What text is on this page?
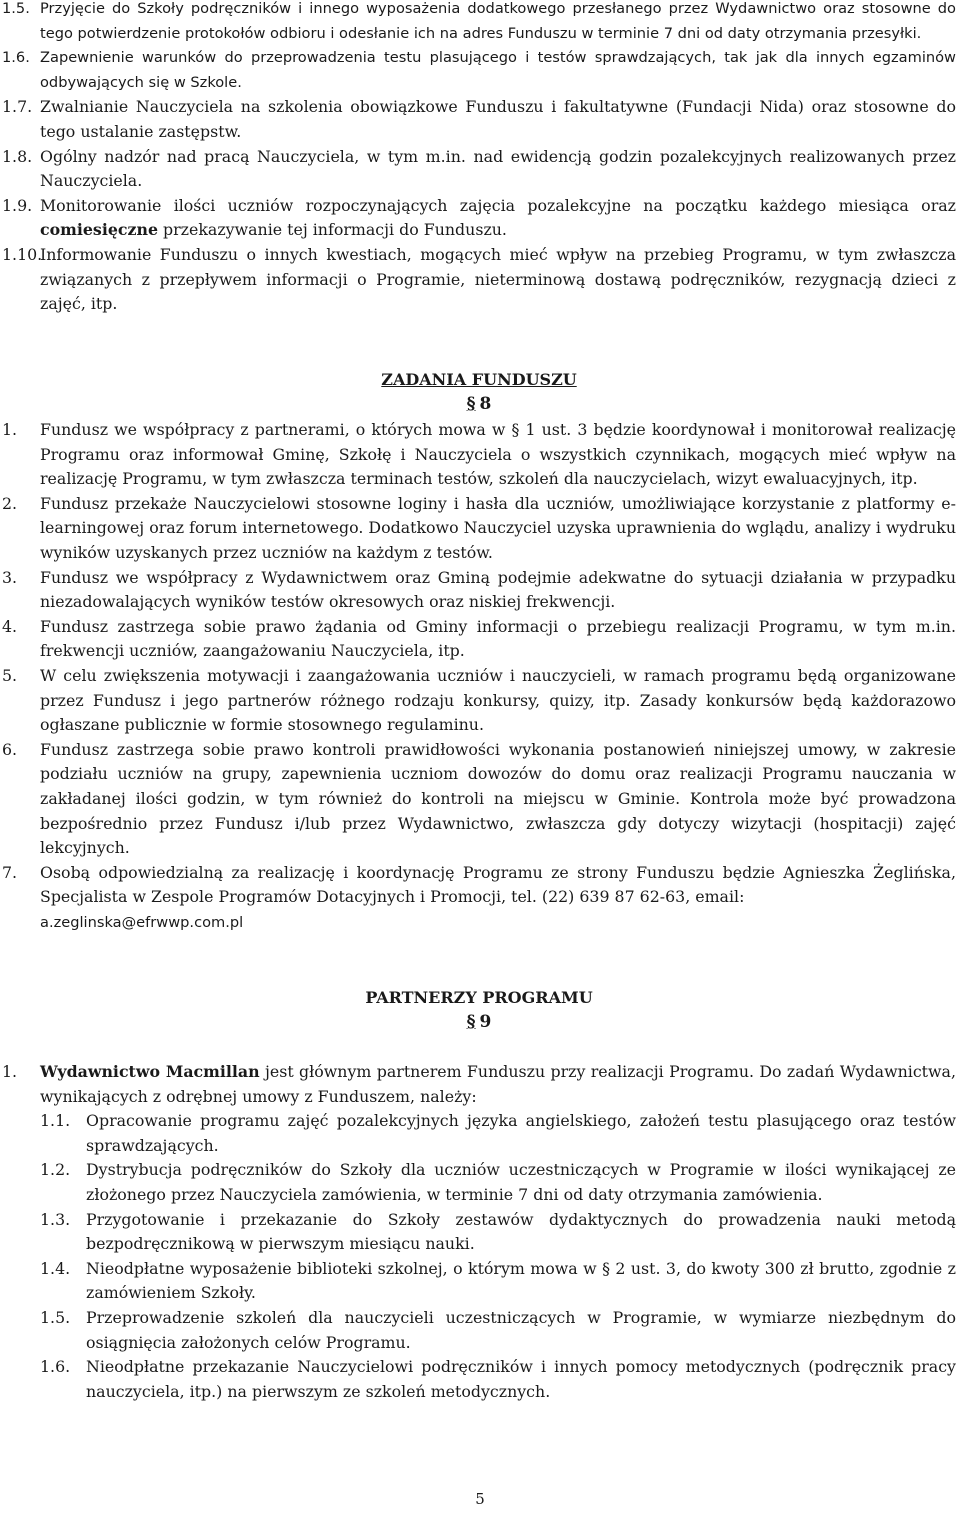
1.5. Przyjęcie do Szkoły podręczników i innego wyposażenia dodatkowego przesłanego przez Wydawnictwo oraz stosowne do tego potwierdzenie protokołów odbioru i odesłanie ich na adres Funduszu w terminie 7 dni od daty otrzymania przesyłki.
1.6. Zapewnienie warunków do przeprowadzenia testu plasującego i testów sprawdzających, tak jak dla innych egzaminów odbywających się w Szkole.
1.7. Zwalnianie Nauczyciela na szkolenia obowiązkowe Funduszu i fakultatywne (Fundacji Nida) oraz stosowne do tego ustalanie zastępstw.
1.8. Ogólny nadzór nad pracą Nauczyciela, w tym m.in. nad ewidencją godzin pozalekcyjnych realizowanych przez Nauczyciela.
1.9. Monitorowanie ilości uczniów rozpoczynających zajęcia pozalekcyjne na początku każdego miesiąca oraz comiesięczne przekazywanie tej informacji do Funduszu.
1.10.
Informowanie Funduszu o innych kwestiach, mogących mieć wpływ na przebieg Programu, w tym zwłaszcza związanych z przepływem informacji o Programie, nieterminową dostawą podręczników, rezygnacją dzieci z zajęć, itp.
ZADANIA FUNDUSZU
§ 8
1.	Fundusz we współpracy z partnerami, o których mowa w § 1 ust. 3 będzie koordynował i monitorował realizację Programu oraz informował Gminę, Szkołę i Nauczyciela o wszystkich czynnikach, mogących mieć wpływ na realizację Programu, w tym zwłaszcza terminach testów, szkoleń dla nauczycielach, wizyt ewaluacyjnych, itp.
2.	Fundusz przekaże Nauczycielowi stosowne loginy i hasła dla uczniów, umożliwiające korzystanie z platformy e-learningowej oraz forum internetowego. Dodatkowo Nauczyciel uzyska uprawnienia do wglądu, analizy i wydruku wyników uzyskanych przez uczniów na każdym z testów.
3.	Fundusz we współpracy z Wydawnictwem oraz Gminą podejmie adekwatne do sytuacji działania w przypadku niezadowalających wyników testów okresowych oraz niskiej frekwencji.
4.	Fundusz zastrzega sobie prawo żądania od Gminy informacji o przebiegu realizacji Programu, w tym m.in. frekwencji uczniów, zaangażowaniu Nauczyciela, itp.
5.	W celu zwiększenia motywacji i zaangażowania uczniów i nauczycieli, w ramach programu będą organizowane przez Fundusz i jego partnerów różnego rodzaju konkursy, quizy, itp. Zasady konkursów będą każdorazowo ogłaszane publicznie w formie stosownego regulaminu.
6.	Fundusz zastrzega sobie prawo kontroli prawidłowości wykonania postanowień niniejszej umowy, w zakresie podziału uczniów na grupy, zapewnienia uczniom dowozów do domu oraz realizacji Programu nauczania w zakładanej ilości godzin, w tym również do kontroli na miejscu w Gminie. Kontrola może być prowadzona bezpośrednio przez Fundusz i/lub przez Wydawnictwo, zwłaszcza gdy dotyczy wizytacji (hospitacji) zajęć lekcyjnych.
7.	Osobą odpowiedzialną za realizację i koordynację Programu ze strony Funduszu będzie Agnieszka Żeglińska, Specjalista w Zespole Programów Dotacyjnych i Promocji, tel. (22) 639 87 62-63, email:
a.zeglinska@efrwwp.com.pl
PARTNERZY PROGRAMU
§ 9
1.	Wydawnictwo Macmillan jest głównym partnerem Funduszu przy realizacji Programu. Do zadań Wydawnictwa, wynikających z odrębnej umowy z Funduszem, należy:
1.1.	Opracowanie programu zajęć pozalekcyjnych języka angielskiego, założeń testu plasującego oraz testów sprawdzających.
1.2.	Dystrybucja podręczników do Szkoły dla uczniów uczestniczących w Programie w ilości wynikającej ze złożonego przez Nauczyciela zamówienia, w terminie 7 dni od daty otrzymania zamówienia.
1.3.	Przygotowanie i przekazanie do Szkoły zestawów dydaktycznych do prowadzenia nauki metodą bezpodręcznikową w pierwszym miesiącu nauki.
1.4.	Nieodpłatne wyposażenie biblioteki szkolnej, o którym mowa w § 2 ust. 3, do kwoty 300 zł brutto, zgodnie z zamówieniem Szkoły.
1.5.	Przeprowadzenie szkoleń dla nauczycieli uczestniczących w Programie, w wymiarze niezbędnym do osiągnięcia założonych celów Programu.
1.6.	Nieodpłatne przekazanie Nauczycielowi podręczników i innych pomocy metodycznych (podręcznik pracy nauczyciela, itp.) na pierwszym ze szkoleń metodycznych.
5
